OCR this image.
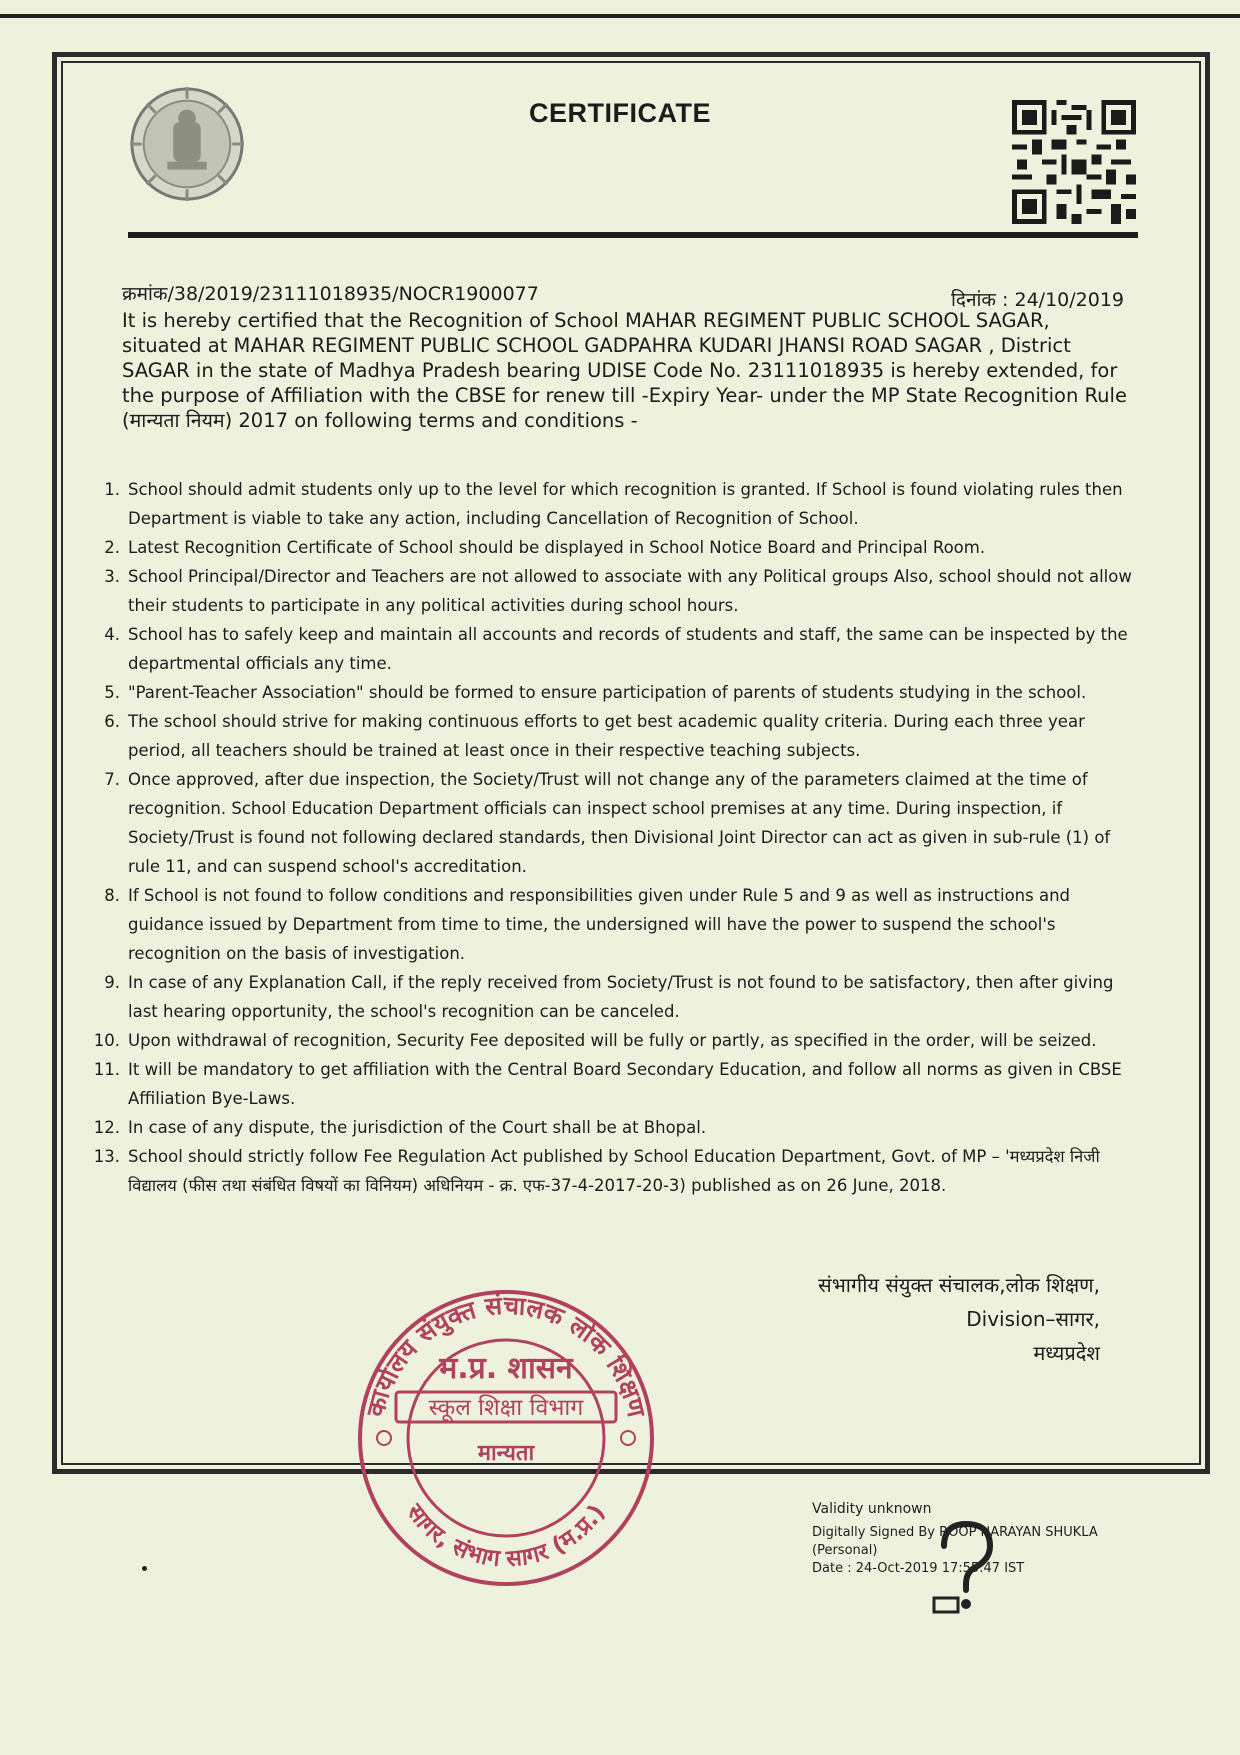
CERTIFICATE
क्रमांक/38/2019/23111018935/NOCR1900077	दिनांक : 24/10/2019
It is hereby certified that the Recognition of School MAHAR REGIMENT PUBLIC SCHOOL SAGAR, situated at MAHAR REGIMENT PUBLIC SCHOOL GADPAHRA KUDARI JHANSI ROAD SAGAR , District SAGAR in the state of Madhya Pradesh bearing UDISE Code No. 23111018935 is hereby extended, for the purpose of Affiliation with the CBSE for renew till -Expiry Year- under the MP State Recognition Rule (मान्यता नियम) 2017 on following terms and conditions -
1. School should admit students only up to the level for which recognition is granted. If School is found violating rules then Department is viable to take any action, including Cancellation of Recognition of School.
2. Latest Recognition Certificate of School should be displayed in School Notice Board and Principal Room.
3. School Principal/Director and Teachers are not allowed to associate with any Political groups Also, school should not allow their students to participate in any political activities during school hours.
4. School has to safely keep and maintain all accounts and records of students and staff, the same can be inspected by the departmental officials any time.
5. "Parent-Teacher Association" should be formed to ensure participation of parents of students studying in the school.
6. The school should strive for making continuous efforts to get best academic quality criteria. During each three year period, all teachers should be trained at least once in their respective teaching subjects.
7. Once approved, after due inspection, the Society/Trust will not change any of the parameters claimed at the time of recognition. School Education Department officials can inspect school premises at any time. During inspection, if Society/Trust is found not following declared standards, then Divisional Joint Director can act as given in sub-rule (1) of rule 11, and can suspend school's accreditation.
8. If School is not found to follow conditions and responsibilities given under Rule 5 and 9 as well as instructions and guidance issued by Department from time to time, the undersigned will have the power to suspend the school's recognition on the basis of investigation.
9. In case of any Explanation Call, if the reply received from Society/Trust is not found to be satisfactory, then after giving last hearing opportunity, the school's recognition can be canceled.
10. Upon withdrawal of recognition, Security Fee deposited will be fully or partly, as specified in the order, will be seized.
11. It will be mandatory to get affiliation with the Central Board Secondary Education, and follow all norms as given in CBSE Affiliation Bye-Laws.
12. In case of any dispute, the jurisdiction of the Court shall be at Bhopal.
13. School should strictly follow Fee Regulation Act published by School Education Department, Govt. of MP – 'मध्यप्रदेश निजी विद्यालय (फीस तथा संबंधित विषयों का विनियम) अधिनियम - क्र. एफ-37-4-2017-20-3) published as on 26 June, 2018.
संभागीय संयुक्त संचालक,लोक शिक्षण,
Division–सागर,
मध्यप्रदेश
कार्यालय संयुक्त संचालक लोक शिक्षण
सागर, संभाग सागर (म.प्र.)
म.प्र. शासन
स्कूल शिक्षा विभाग
मान्यता
Validity unknown
Digitally Signed By ROOP NARAYAN SHUKLA
(Personal)
Date : 24-Oct-2019 17:55:47 IST
